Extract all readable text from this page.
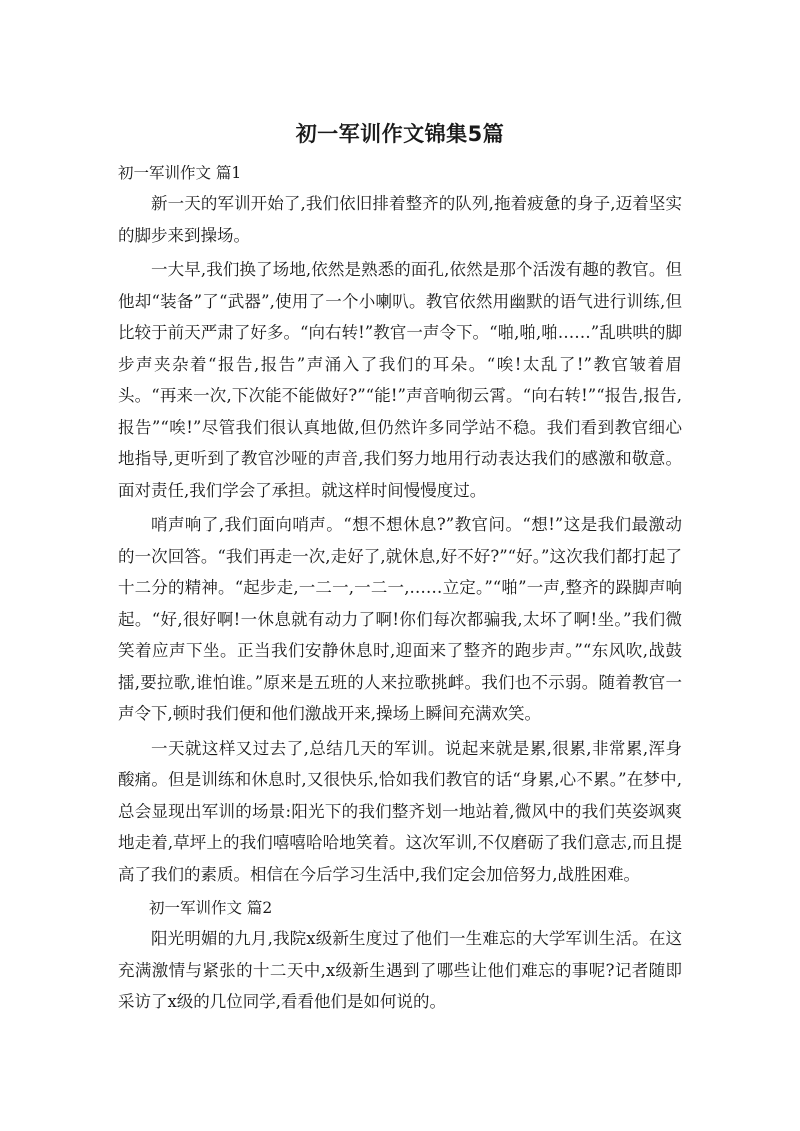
初一军训作文锦集5篇

初一军训作文 篇1

新一天的军训开始了,我们依旧排着整齐的队列,拖着疲惫的身子,迈着坚实的脚步来到操场。

一大早,我们换了场地,依然是熟悉的面孔,依然是那个活泼有趣的教官。但他却“装备”了“武器”,使用了一个小喇叭。教官依然用幽默的语气进行训练,但比较于前天严肃了好多。“向右转!”教官一声令下。“啪,啪,啪……”乱哄哄的脚步声夹杂着“报告,报告”声涌入了我们的耳朵。“唉!太乱了!”教官皱着眉头。“再来一次,下次能不能做好?”“能!”声音响彻云霄。“向右转!”“报告,报告,报告”“唉!”尽管我们很认真地做,但仍然许多同学站不稳。我们看到教官细心地指导,更听到了教官沙哑的声音,我们努力地用行动表达我们的感激和敬意。面对责任,我们学会了承担。就这样时间慢慢度过。

哨声响了,我们面向哨声。“想不想休息?”教官问。“想!”这是我们最激动的一次回答。“我们再走一次,走好了,就休息,好不好?”“好。”这次我们都打起了十二分的精神。“起步走,一二一,一二一,……立定。”“啪”一声,整齐的跺脚声响起。“好,很好啊!一休息就有动力了啊!你们每次都骗我,太坏了啊!坐。”我们微笑着应声下坐。正当我们安静休息时,迎面来了整齐的跑步声。”“东风吹,战鼓擂,要拉歌,谁怕谁。”原来是五班的人来拉歌挑衅。我们也不示弱。随着教官一声令下,顿时我们便和他们激战开来,操场上瞬间充满欢笑。

一天就这样又过去了,总结几天的军训。说起来就是累,很累,非常累,浑身酸痛。但是训练和休息时,又很快乐,恰如我们教官的话“身累,心不累。”在梦中,总会显现出军训的场景:阳光下的我们整齐划一地站着,微风中的我们英姿飒爽地走着,草坪上的我们嘻嘻哈哈地笑着。这次军训,不仅磨砺了我们意志,而且提高了我们的素质。相信在今后学习生活中,我们定会加倍努力,战胜困难。

初一军训作文 篇2

阳光明媚的九月,我院x级新生度过了他们一生难忘的大学军训生活。在这充满激情与紧张的十二天中,x级新生遇到了哪些让他们难忘的事呢?记者随即采访了x级的几位同学,看看他们是如何说的。
